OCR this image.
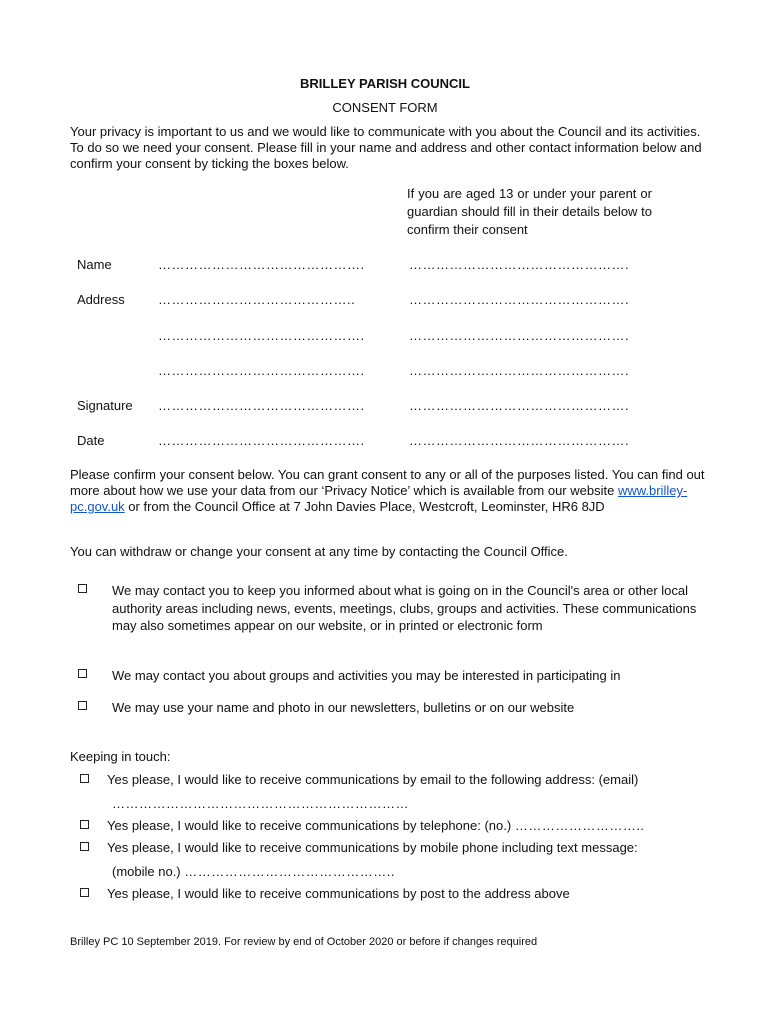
BRILLEY PARISH COUNCIL
CONSENT FORM
Your privacy is important to us and we would like to communicate with you about the Council and its activities. To do so we need your consent. Please fill in your name and address and other contact information below and confirm your consent by ticking the boxes below.
If you are aged 13 or under your parent or guardian should fill in their details below to confirm their consent
Name	……………………………………….	………………………………………….
Address	……………………………………..	………………………………………….
……………………………………….	………………………………………….
……………………………………….	………………………………………….
Signature ……………………………………….	………………………………………….
Date	……………………………………….	………………………………………….
Please confirm your consent below. You can grant consent to any or all of the purposes listed. You can find out more about how we use your data from our ‘Privacy Notice’ which is available from our website www.brilley-pc.gov.uk or from the Council Office at 7 John Davies Place, Westcroft, Leominster, HR6 8JD
You can withdraw or change your consent at any time by contacting the Council Office.
We may contact you to keep you informed about what is going on in the Council's area or other local authority areas including news, events, meetings, clubs, groups and activities. These communications may also sometimes appear on our website, or in printed or electronic form
We may contact you about groups and activities you may be interested in participating in
We may use your name and photo in our newsletters, bulletins or on our website
Keeping in touch:
Yes please, I would like to receive communications by email to the following address: (email)
…………………………………………………………
Yes please, I would like to receive communications by telephone: (no.) ………………………..
Yes please, I would like to receive communications by mobile phone including text message:
(mobile no.) ………………………………………..
Yes please, I would like to receive communications by post to the address above
Brilley PC 10 September 2019. For review by end of October 2020 or before if changes required
